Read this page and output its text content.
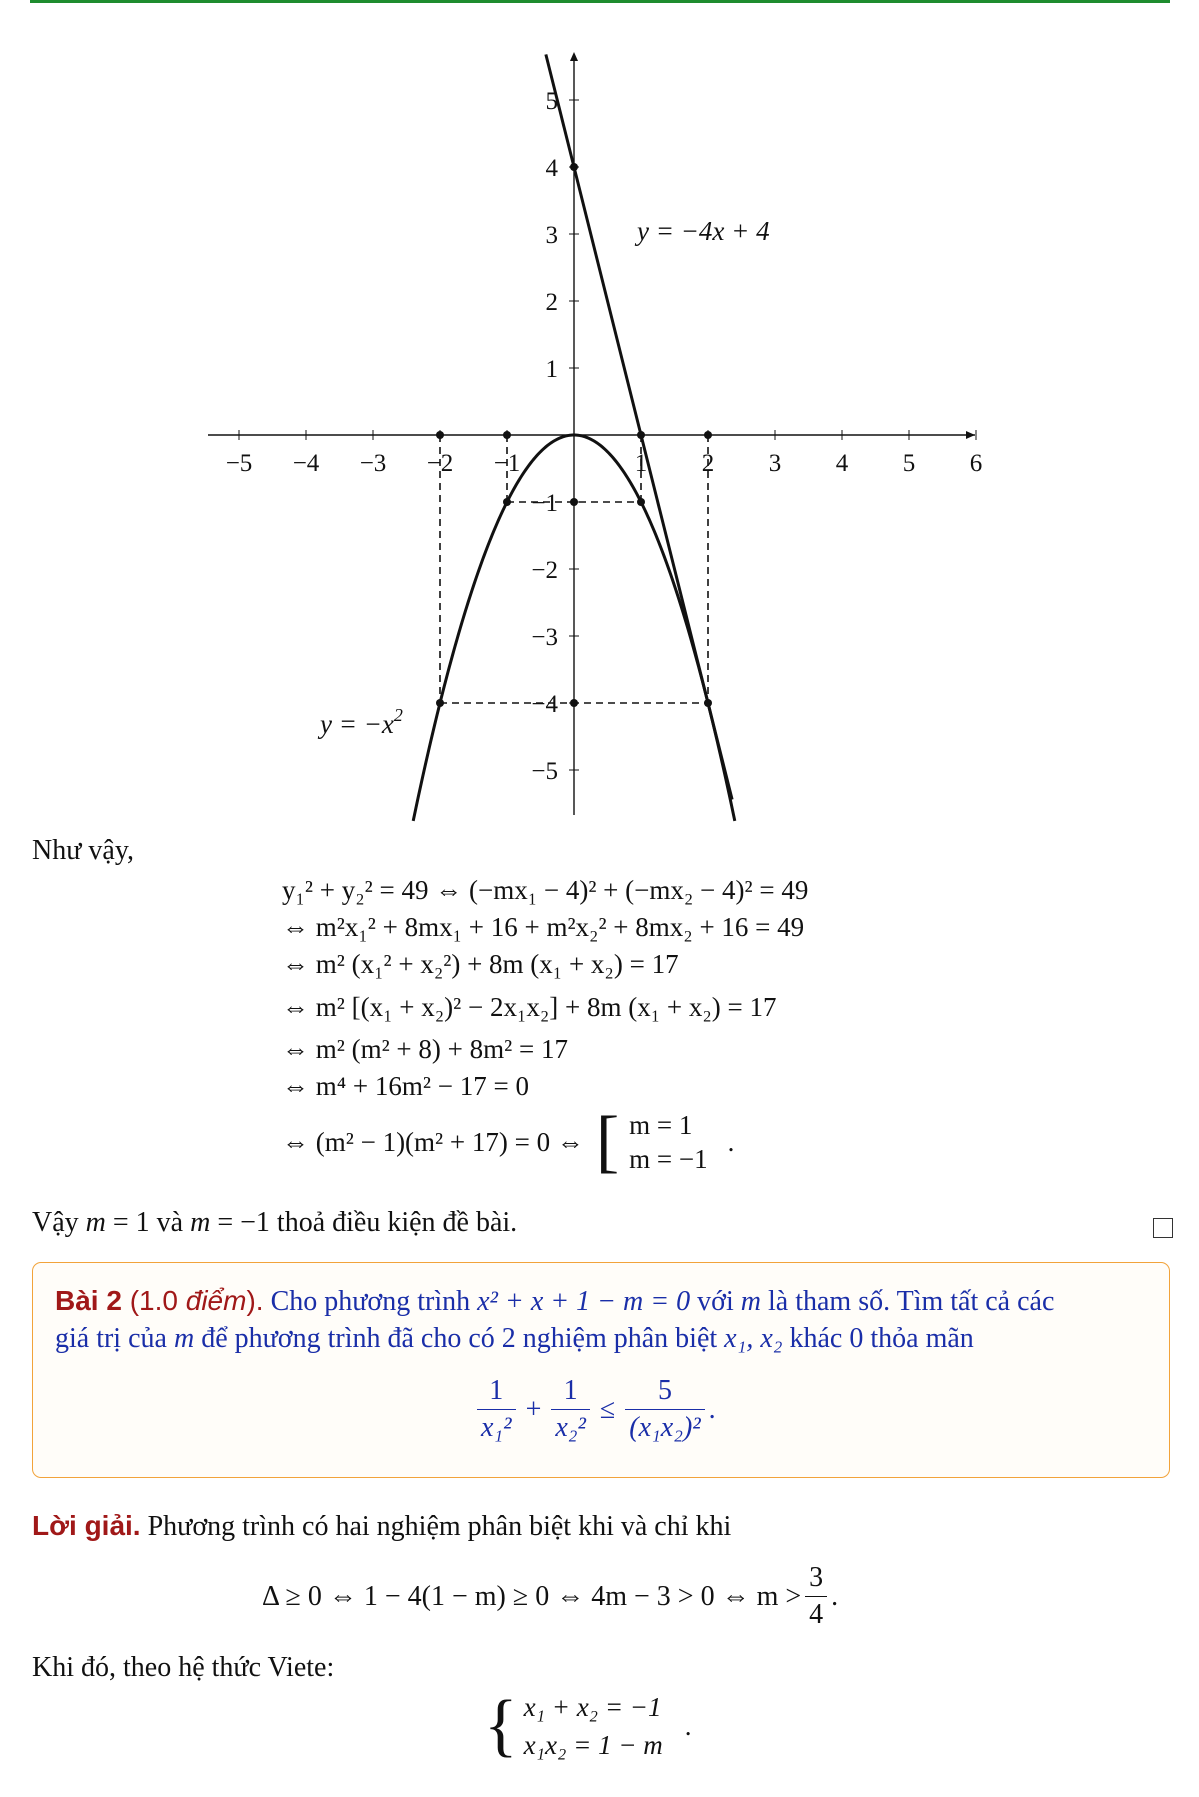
−5 −4 −3 −2 −1	1 2 3 4 5 6
5
4
3
2
1
−1
−2
−3
−4
−5
y = −4x + 4
$y = -x^2$
Như vậy,
y₁² + y₂² = 49 ⇔ (−mx₁ − 4)² + (−mx₂ − 4)² = 49
⇔ m²x₁² + 8mx₁ + 16 + m²x₂² + 8mx₂ + 16 = 49
⇔ m² (x₁² + x₂²) + 8m (x₁ + x₂) = 17
⇔ m² [(x₁ + x₂)² − 2x₁x₂] + 8m (x₁ + x₂) = 17
⇔ m² (m² + 8) + 8m² = 17
⇔ m⁴ + 16m² − 17 = 0
⇔ (m² − 1)(m² + 17) = 0 ⇔ [ m = 1
m = −1
.
Vậy m = 1 và m = −1 thoả điều kiện đề bài.
Bài 2 (1.0 điểm). Cho phương trình x² + x + 1 − m = 0 với m là tham số. Tìm tất cả các
giá trị của m để phương trình đã cho có 2 nghiệm phân biệt x₁, x₂ khác 0 thỏa mãn
$\frac{1}{\text{x₁²}} + \frac{1}{\text{x₂²}} \le \frac{5}{\text{(x₁x₂)²}}$ .
Lời giải. Phương trình có hai nghiệm phân biệt khi và chỉ khi
Δ ≥ 0 ⇔ 1 − 4(1 − m) ≥ 0 ⇔ 4m − 3 > 0 ⇔ $m > \frac{3}{4}$ .
Khi đó, theo hệ thức Viete:
{ x₁ + x₂ = −1
x₁x₂ = 1 − m
.
